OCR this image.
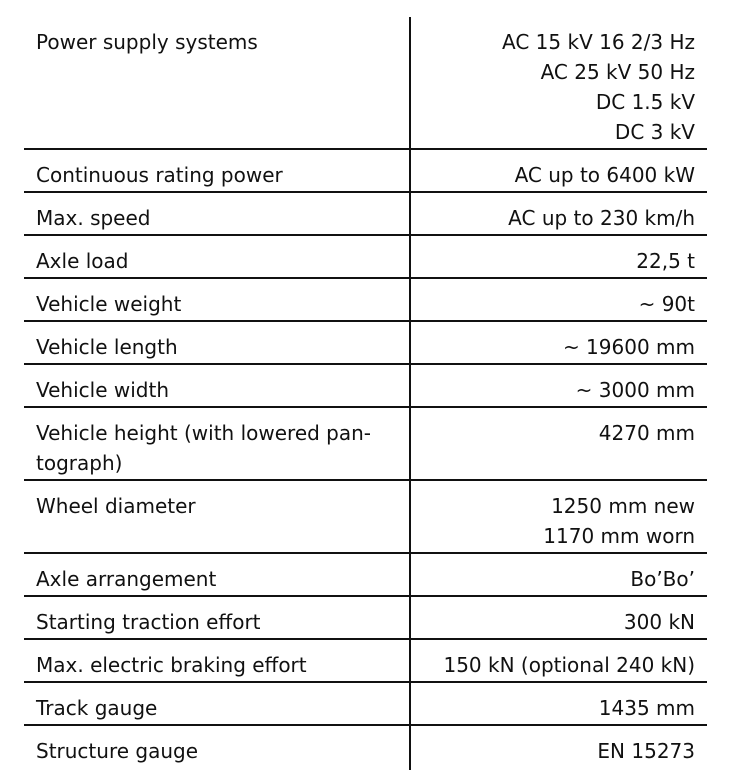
Power supply systems	AC 15 kV 16 2/3 Hz
AC 25 kV 50 Hz
DC 1.5 kV
DC 3 kV

Continuous rating power	AC up to 6400 kW

Max. speed	AC up to 230 km/h

Axle load	22,5 t

Vehicle weight	~ 90t

Vehicle length	~ 19600 mm

Vehicle width	~ 3000 mm

Vehicle height (with lowered pan-
tograph)	4270 mm

Wheel diameter	1250 mm new
1170 mm worn

Axle arrangement	Bo’Bo’

Starting traction effort	300 kN

Max. electric braking effort	150 kN (optional 240 kN)

Track gauge	1435 mm

Structure gauge	EN 15273
